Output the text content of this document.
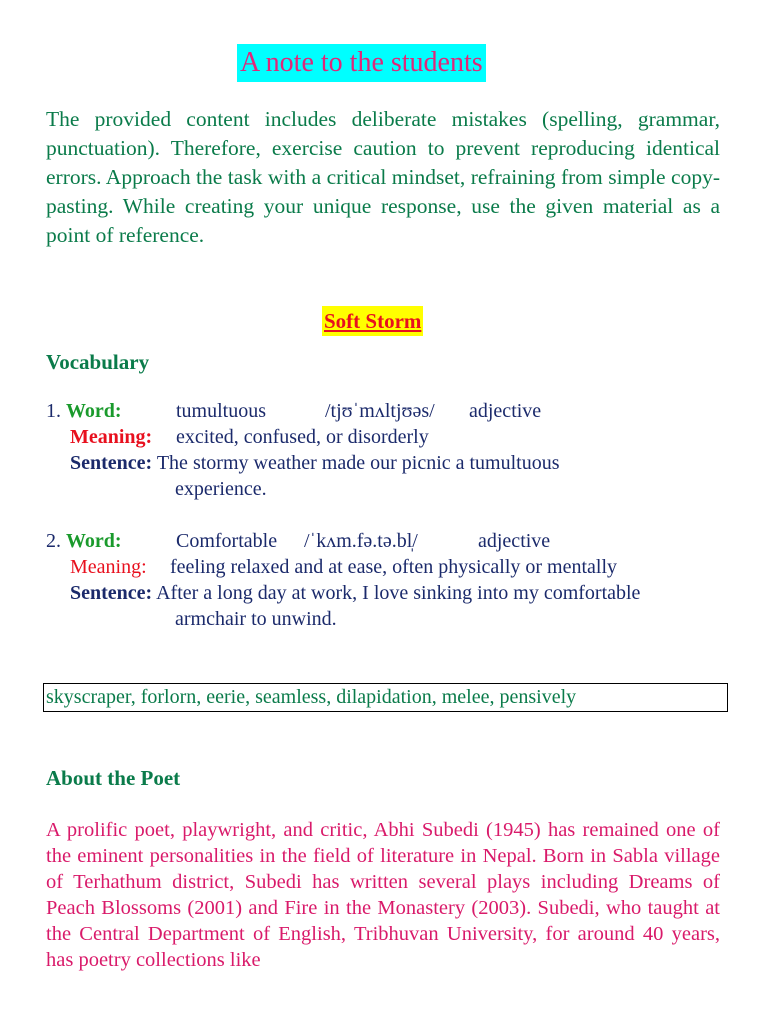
A note to the students

The provided content includes deliberate mistakes (spelling, grammar, punctuation). Therefore, exercise caution to prevent reproducing identical errors. Approach the task with a critical mindset, refraining from simple copy-pasting. While creating your unique response, use the given material as a point of reference.

Soft Storm
Vocabulary
1. Word:	tumultuous	/tjʊˈmʌltjʊəs/ adjective
Meaning: excited, confused, or disorderly
Sentence: The stormy weather made our picnic a tumultuous
experience.
2. Word:	Comfortable /ˈkʌm.fə.tə.bl̩/	adjective
Meaning: feeling relaxed and at ease, often physically or mentally
Sentence: After a long day at work, I love sinking into my comfortable
armchair to unwind.
skyscraper, forlorn, eerie, seamless, dilapidation, melee, pensively
About the Poet

A prolific poet, playwright, and critic, Abhi Subedi (1945) has remained one of the eminent personalities in the field of literature in Nepal. Born in Sabla village of Terhathum district, Subedi has written several plays including Dreams of Peach Blossoms (2001) and Fire in the Monastery (2003). Subedi, who taught at the Central Department of English, Tribhuvan University, for around 40 years, has poetry collections like
